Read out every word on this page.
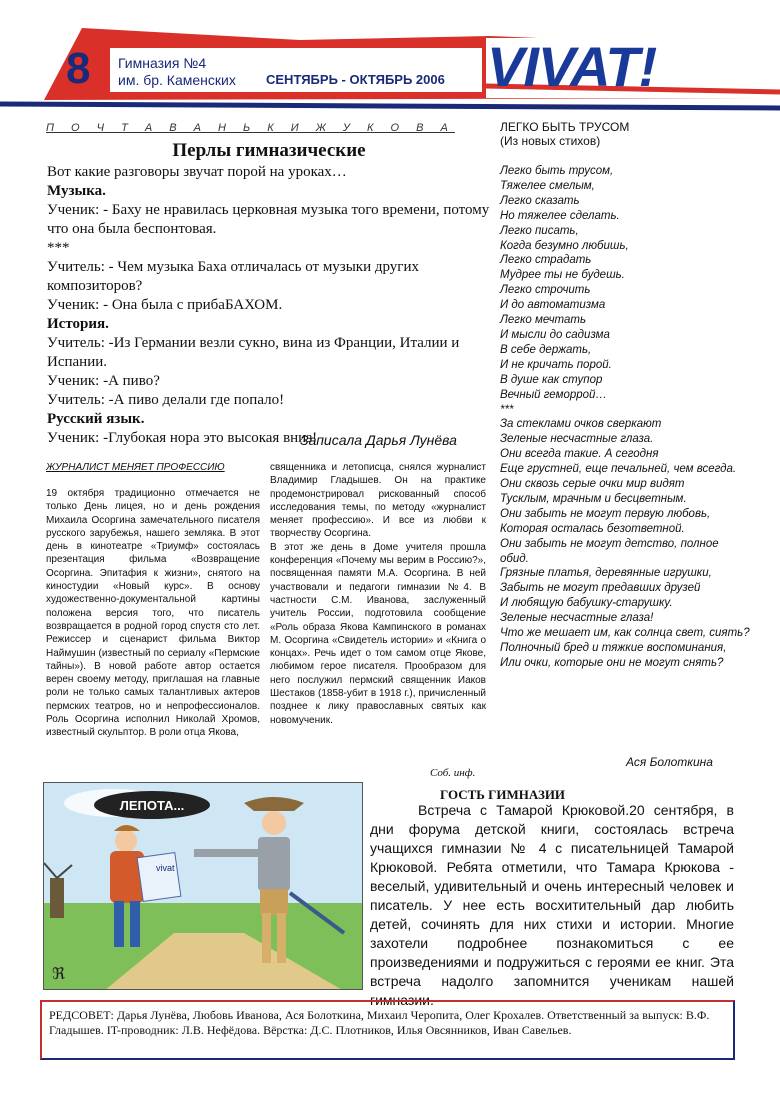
8 Гимназия №4
им. бр. Каменских СЕНТЯБРЬ - ОКТЯБРЬ 2006 VIVAT!
П О Ч Т А В А Н Ь К И Ж У К О В А
Перлы гимназические

Вот какие разговоры звучат порой на уроках…

Музыка.

Ученик: - Баху не нравилась церковная музыка того времени, потому что она была беспонтовая.

***

Учитель: - Чем музыка Баха отличалась от музыки других композиторов?

Ученик: - Она была с прибаБАХОМ.

История.

Учитель: -Из Германии везли сукно, вина из Франции, Италии и Испании.

Ученик: -А пиво?

Учитель: -А пиво делали где попало!

Русский язык.

Ученик: -Глубокая нора это высокая вниз!

Записала Дарья Лунёва
ЖУРНАЛИСТ МЕНЯЕТ ПРОФЕССИЮ
19 октября традиционно отмечается не только День лицея, но и день рождения Михаила Осоргина замечательного писателя русского зарубежья, нашего земляка. В этот день в кинотеатре «Триумф» состоялась презентация фильма «Возвращение Осоргина. Эпитафия к жизни», снятого на киностудии «Новый курс». В основу художественно-документальной картины положена версия того, что писатель возвращается в родной город спустя сто лет. Режиссер и сценарист фильма Виктор Наймушин (известный по сериалу «Пермские тайны»). В новой работе автор остается верен своему методу, приглашая на главные роли не только самых талантливых актеров пермских театров, но и непрофессионалов. Роль Осоргина исполнил Николай Хромов, известный скульптор. В роли отца Якова,
священника и летописца, снялся журналист Владимир Гладышев. Он на практике продемонстрировал рискованный способ исследования темы, по методу «журналист меняет профессию». И все из любви к творчеству Осоргина.
В этот же день в Доме учителя прошла конференция «Почему мы верим в Россию?», посвященная памяти М.А. Осоргина. В ней участвовали и педагоги гимназии №4. В частности С.М. Иванова, заслуженный учитель России, подготовила сообщение «Роль образа Якова Кампинского в романах М. Осоргина «Свидетель истории» и «Книга о концах». Речь идет о том самом отце Якове, любимом герое писателя. Прообразом для него послужил пермский священник Иаков Шестаков (1858-убит в 1918 г.), причисленный позднее к лику православных святых как новомученик.
Соб. инф.
ЛЕГКО БЫТЬ ТРУСОМ
(Из новых стихов)

Легко быть трусом,

Тяжелее смелым,

Легко сказать

Но тяжелее сделать.

Легко писать,

Когда безумно любишь,

Легко страдать

Мудрее ты не будешь.

Легко строчить

И до автоматизма

Легко мечтать

И мысли до садизма

В себе держать,

И не кричать порой.

В душе как ступор

Вечный геморрой…

***

За стеклами очков сверкают

Зеленые несчастные глаза.

Они всегда такие. А сегодня

Еще грустней, еще печальней, чем всегда.

Они сквозь серые очки мир видят

Тусклым, мрачным и бесцветным.

Они забыть не могут первую любовь,

Которая осталась безответной.

Они забыть не могут детство, полное обид.

Грязные платья, деревянные игрушки,

Забыть не могут предавших друзей

И любящую бабушку-старушку.

Зеленые несчастные глаза!

Что же мешает им, как солнца свет, сиять?

Полночный бред и тяжкие воспоминания,

Или очки, которые они не могут снять?

Ася Болоткина
ЛЕПОТА...
vivat
ℜ
ГОСТЬ ГИМНАЗИИ
Встреча с Тамарой Крюковой.20 сентября, в дни форума детской книги, состоялась встреча учащихся гимназии № 4 с писательницей Тамарой Крюковой. Ребята отметили, что Тамара Крюкова - веселый, удивительный и очень интересный человек и писатель. У нее есть восхитительный дар любить детей, сочинять для них стихи и истории. Многие захотели подробнее познакомиться с ее произведениями и подружиться с героями ее книг. Эта встреча надолго запомнится ученикам нашей гимназии.
РЕДСОВЕТ: Дарья Лунёва, Любовь Иванова, Ася Болоткина, Михаил Черопита, Олег Крохалев. Ответственный за выпуск: В.Ф. Гладышев. IT-проводник: Л.В. Нефёдова. Вёрстка: Д.С. Плотников, Илья Овсянников, Иван Савельев.
